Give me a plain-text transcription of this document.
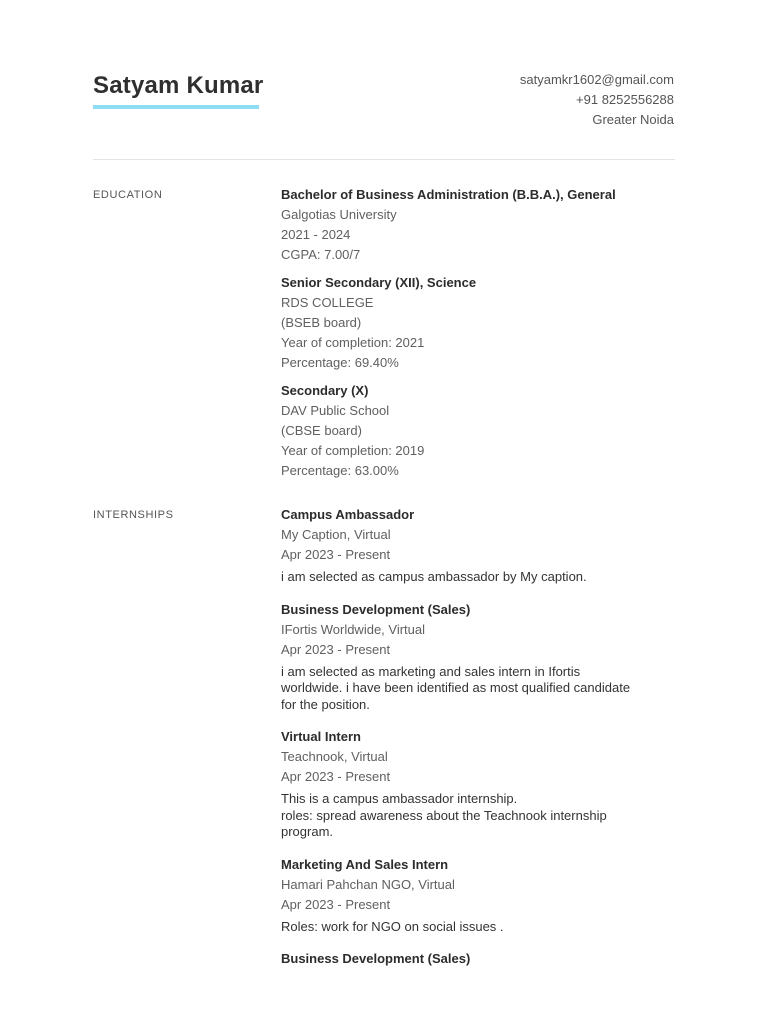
Satyam Kumar	satyamkr1602@gmail.com
+91 8252556288
Greater Noida
EDUCATION	Bachelor of Business Administration (B.B.A.), General
Galgotias University
2021 - 2024
CGPA: 7.00/7
Senior Secondary (XII), Science
RDS COLLEGE
(BSEB board)
Year of completion: 2021
Percentage: 69.40%
Secondary (X)
DAV Public School
(CBSE board)
Year of completion: 2019
Percentage: 63.00%
INTERNSHIPS	Campus Ambassador
My Caption, Virtual
Apr 2023 - Present
i am selected as campus ambassador by My caption.
Business Development (Sales)
IFortis Worldwide, Virtual
Apr 2023 - Present
i am selected as marketing and sales intern in Ifortis
worldwide. i have been identified as most qualified candidate
for the position.
Virtual Intern
Teachnook, Virtual
Apr 2023 - Present
This is a campus ambassador internship.
roles: spread awareness about the Teachnook internship
program.
Marketing And Sales Intern
Hamari Pahchan NGO, Virtual
Apr 2023 - Present
Roles: work for NGO on social issues .
Business Development (Sales)
